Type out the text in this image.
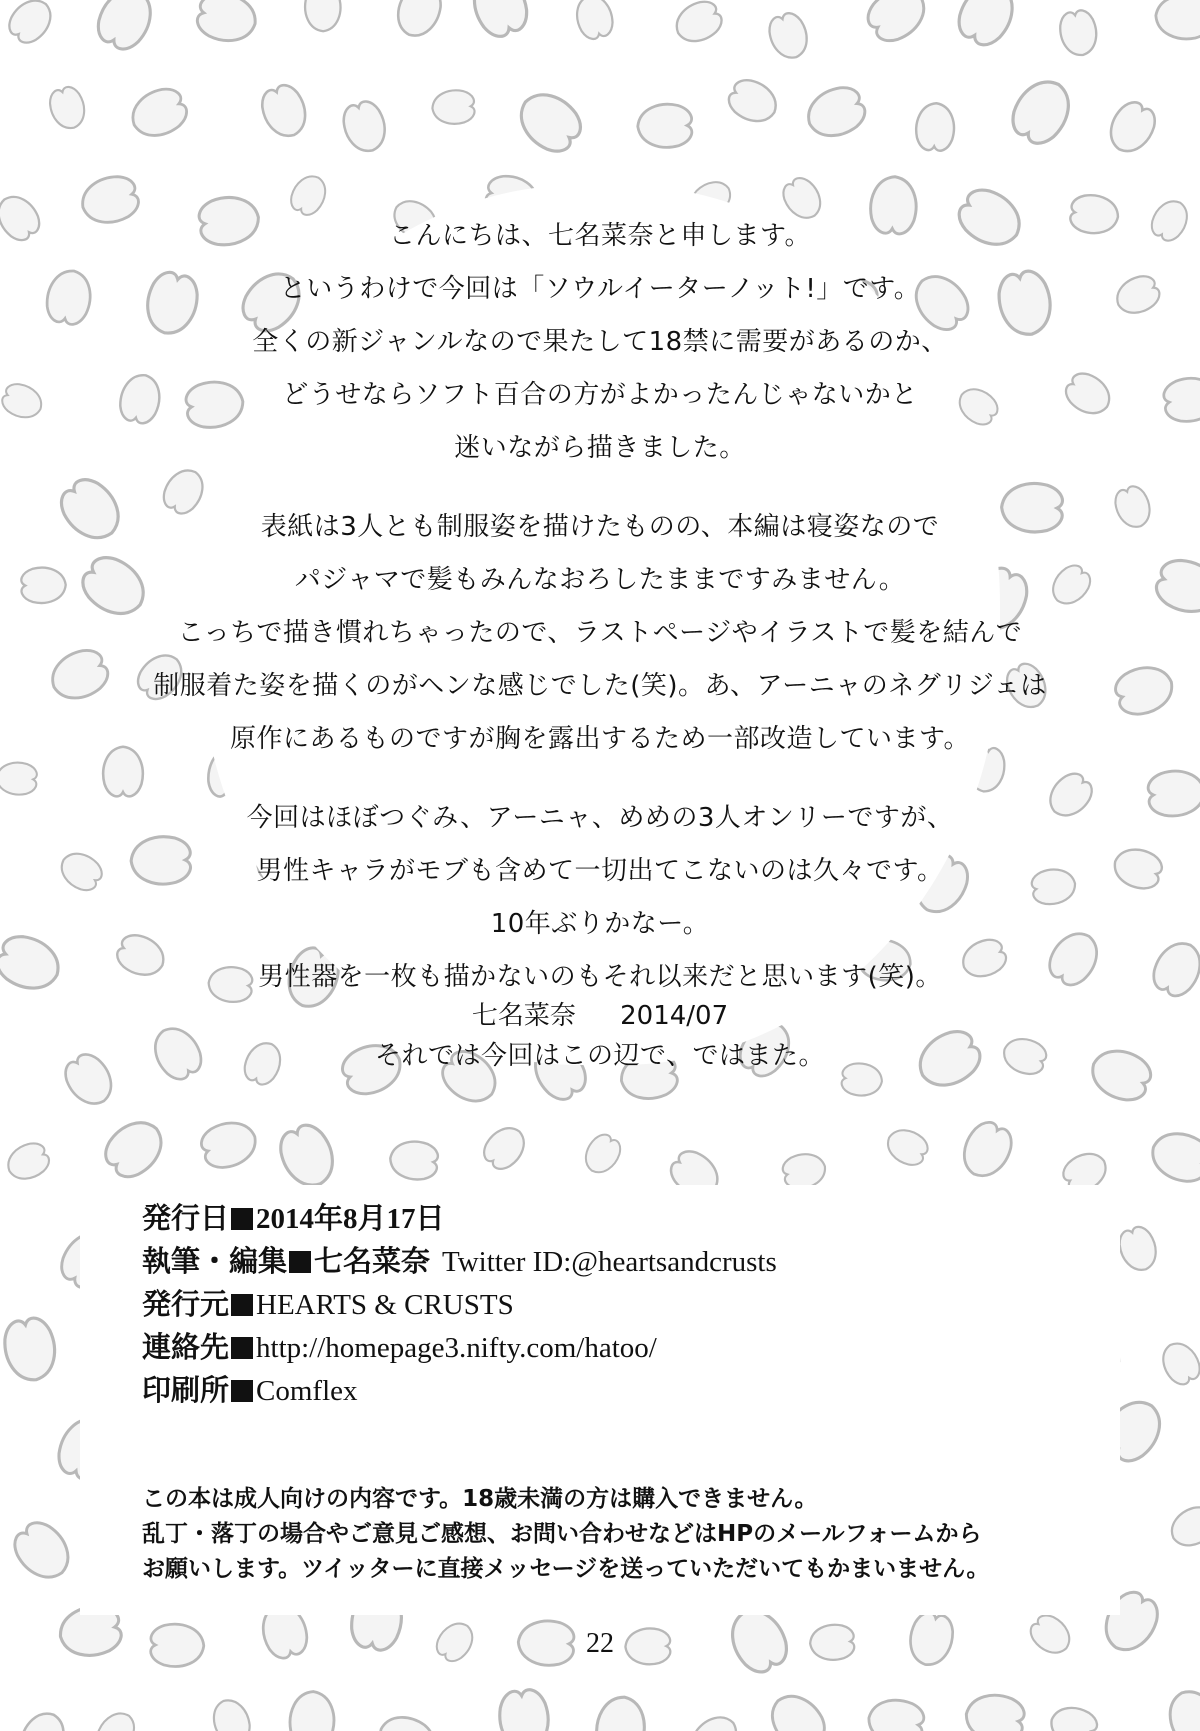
こんにちは、七名菜奈と申します。
というわけで今回は「ソウルイーターノット!」です。
全くの新ジャンルなので果たして18禁に需要があるのか、
どうせならソフト百合の方がよかったんじゃないかと
迷いながら描きました。
表紙は3人とも制服姿を描けたものの、本編は寝姿なので
パジャマで髪もみんなおろしたままですみません。
こっちで描き慣れちゃったので、ラストページやイラストで髪を結んで
制服着た姿を描くのがヘンな感じでした(笑)。あ、アーニャのネグリジェは
原作にあるものですが胸を露出するため一部改造しています。
今回はほぼつぐみ、アーニャ、めめの3人オンリーですが、
男性キャラがモブも含めて一切出てこないのは久々です。
10年ぶりかなー。
男性器を一枚も描かないのもそれ以来だと思います(笑)。
それでは今回はこの辺で、ではまた。
七名菜奈 2014/07
発行日 2014年8月17日
執筆・編集 七名菜奈 Twitter ID:@heartsandcrusts
発行元 HEARTS & CRUSTS
連絡先 http://homepage3.nifty.com/hatoo/
印刷所 Comflex
この本は成人向けの内容です。18歳未満の方は購入できません。
乱丁・落丁の場合やご意見ご感想、お問い合わせなどはHPのメールフォームから
お願いします。ツイッターに直接メッセージを送っていただいてもかまいません。
22
